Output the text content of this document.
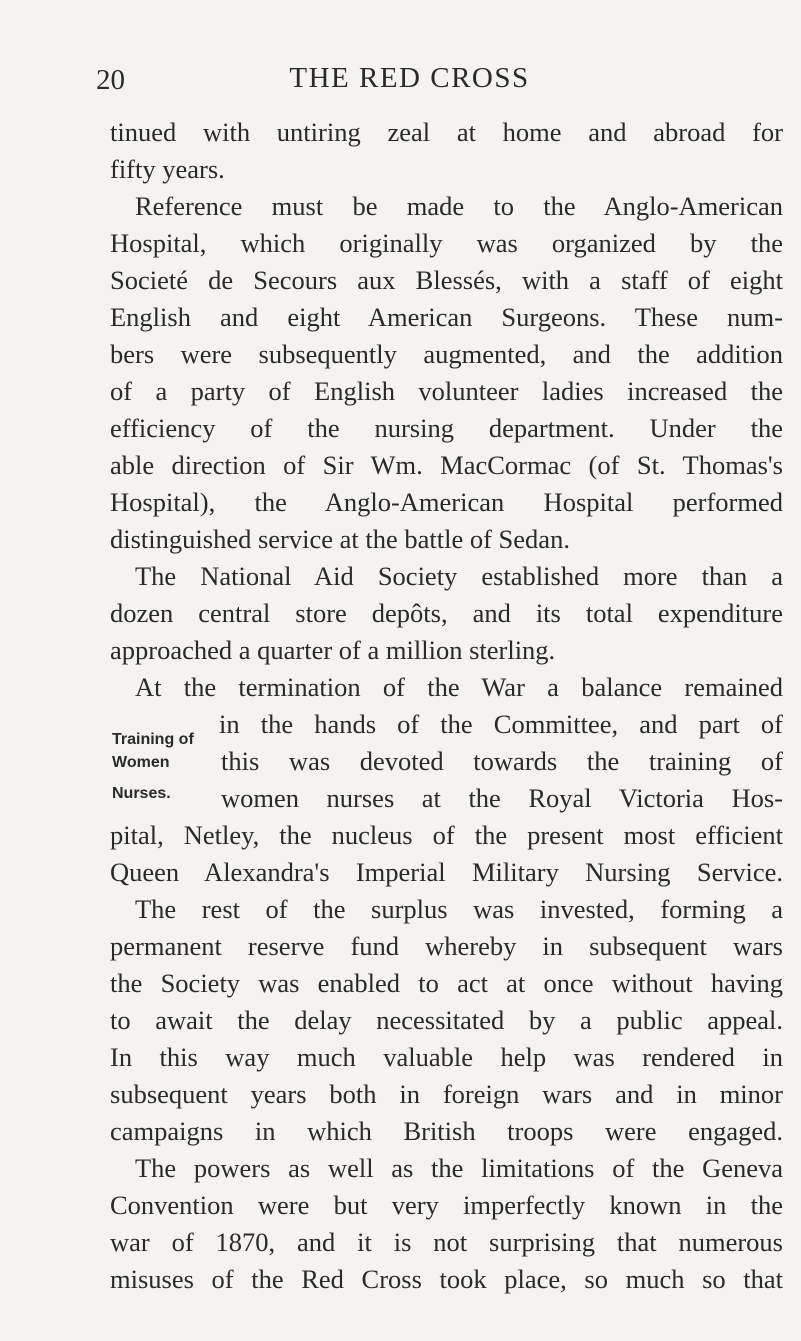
20	THE RED CROSS
tinued with untiring zeal at home and abroad for
fifty years.
Reference must be made to the Anglo-American
Hospital, which originally was organized by the
Societé de Secours aux Blessés, with a staff of eight
English and eight American Surgeons. These num-
bers were subsequently augmented, and the addition
of a party of English volunteer ladies increased the
efficiency of the nursing department. Under the
able direction of Sir Wm. MacCormac (of St. Thomas's
Hospital), the Anglo-American Hospital performed
distinguished service at the battle of Sedan.
The National Aid Society established more than a
dozen central store depôts, and its total expenditure
approached a quarter of a million sterling.
At the termination of the War a balance remained
in the hands of the Committee, and part of
this was devoted towards the training of
women nurses at the Royal Victoria Hos-
pital, Netley, the nucleus of the present most efficient
Queen Alexandra's Imperial Military Nursing Service.
The rest of the surplus was invested, forming a
permanent reserve fund whereby in subsequent wars
the Society was enabled to act at once without having
to await the delay necessitated by a public appeal.
In this way much valuable help was rendered in
subsequent years both in foreign wars and in minor
campaigns in which British troops were engaged.
The powers as well as the limitations of the Geneva
Convention were but very imperfectly known in the
war of 1870, and it is not surprising that numerous
misuses of the Red Cross took place, so much so that
Training of
Women
Nurses.
